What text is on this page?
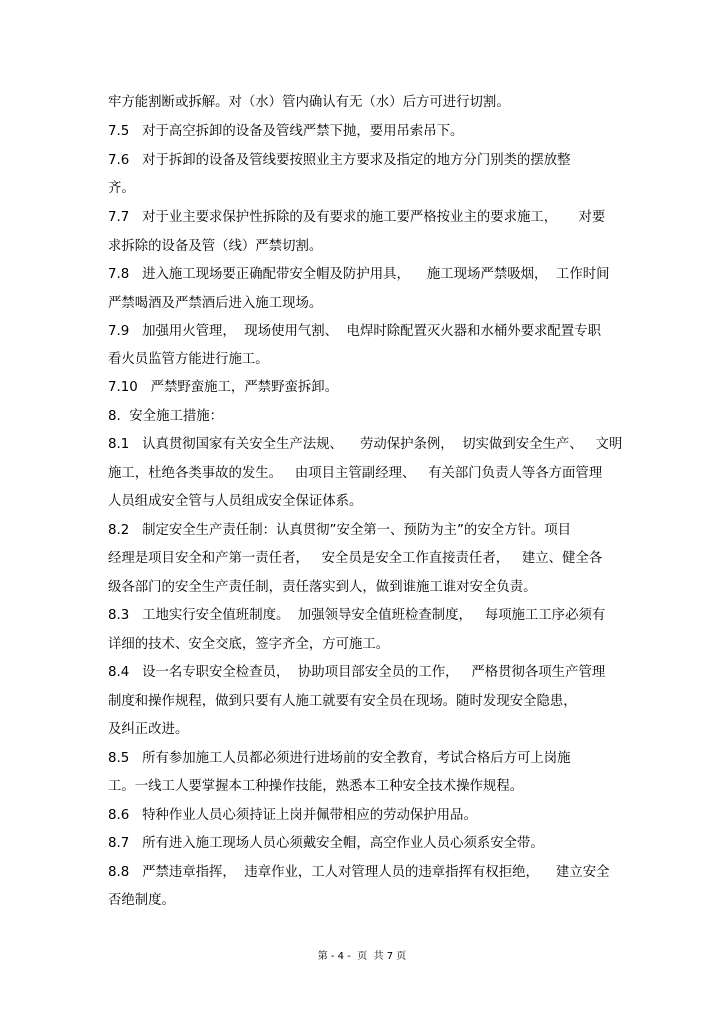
牢方能割断或拆解。对（水）管内确认有无（水）后方可进行切割。
7.5   对于高空拆卸的设备及管线严禁下抛，要用吊索吊下。
7.6   对于拆卸的设备及管线要按照业主方要求及指定的地方分门别类的摆放整
齐。
7.7   对于业主要求保护性拆除的及有要求的施工要严格按业主的要求施工，     对要
求拆除的设备及管（线）严禁切割。
7.8   进入施工现场要正确配带安全帽及防护用具，    施工现场严禁吸烟，  工作时间
严禁喝酒及严禁酒后进入施工现场。
7.9   加强用火管理，  现场使用气割、  电焊时除配置灭火器和水桶外要求配置专职
看火员监管方能进行施工。
7.10   严禁野蛮施工，严禁野蛮拆卸。
8.  安全施工措施：
8.1   认真贯彻国家有关安全生产法规、    劳动保护条例，  切实做到安全生产、   文明
施工，杜绝各类事故的发生。   由项目主管副经理、   有关部门负责人等各方面管理
人员组成安全管与人员组成安全保证体系。
8.2   制定安全生产责任制：认真贯彻”安全第一、预防为主”的安全方针。项目
经理是项目安全和产第一责任者，   安全员是安全工作直接责任者，   建立、健全各
级各部门的安全生产责任制，责任落实到人，做到谁施工谁对安全负责。
8.3   工地实行安全值班制度。  加强领导安全值班检查制度，   每项施工工序必须有
详细的技术、安全交底，签字齐全，方可施工。
8.4   设一名专职安全检查员，  协助项目部安全员的工作，   严格贯彻各项生产管理
制度和操作规程，做到只要有人施工就要有安全员在现场。随时发现安全隐患，
及纠正改进。
8.5   所有参加施工人员都必须进行进场前的安全教育，考试合格后方可上岗施
工。一线工人要掌握本工种操作技能，熟悉本工种安全技术操作规程。
8.6   特种作业人员心须持证上岗并佩带相应的劳动保护用品。
8.7   所有进入施工现场人员心须戴安全帽，高空作业人员心须系安全带。
8.8   严禁违章指挥，  违章作业，工人对管理人员的违章指挥有权拒绝，    建立安全
否绝制度。
第 - 4 -  页  共 7 页
